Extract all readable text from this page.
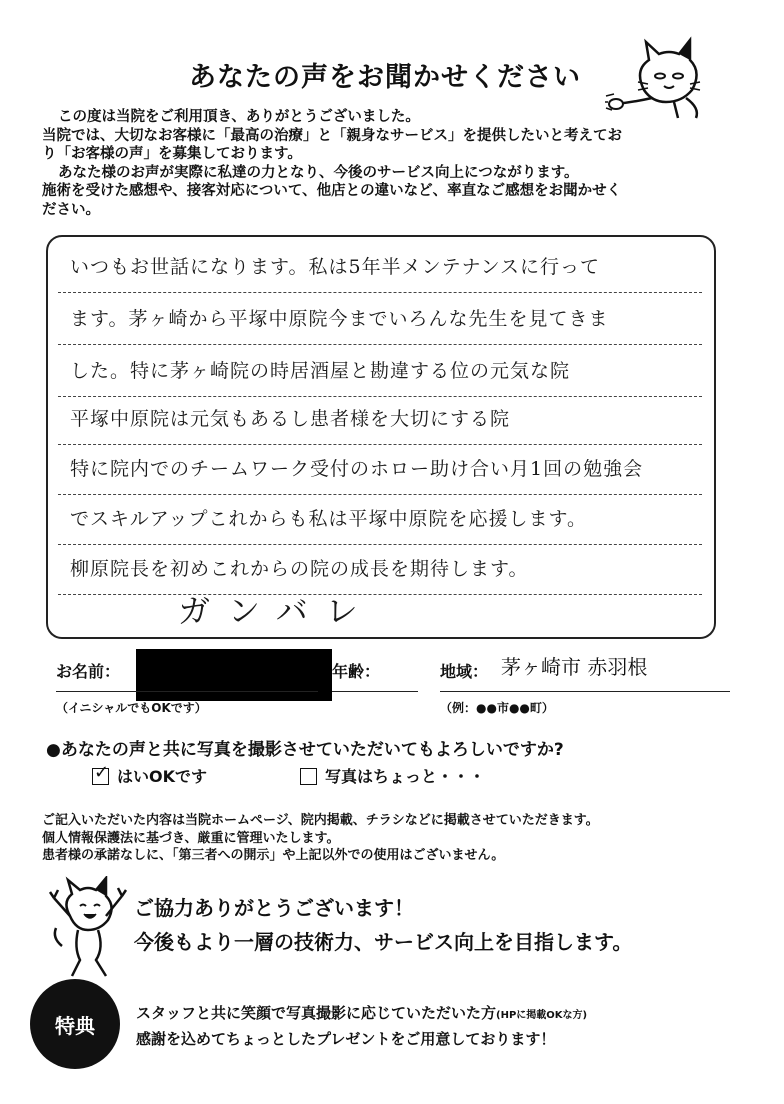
あなたの声をお聞かせください

この度は当院をご利用頂き、ありがとうございました。

当院では、大切なお客様に「最高の治療」と「親身なサービス」を提供したいと考えてお

り「お客様の声」を募集しております。

あなた様のお声が実際に私達の力となり、今後のサービス向上につながります。

施術を受けた感想や、接客対応について、他店との違いなど、率直なご感想をお聞かせく

ださい。

いつもお世話になります。私は5年半メンテナンスに行って
ます。茅ヶ崎から平塚中原院今までいろんな先生を見てきま
した。特に茅ヶ崎院の時居酒屋と勘違する位の元気な院
平塚中原院は元気もあるし患者様を大切にする院
特に院内でのチームワーク受付のホロー助け合い月1回の勉強会
でスキルアップこれからも私は平塚中原院を応援します。
柳原院長を初めこれからの院の成長を期待します。
ガンバレ
お名前：	年齢：	地域： 茅ヶ崎市 赤羽根
（イニシャルでもOKです）	（例：●●市●●町）
●あなたの声と共に写真を撮影させていただいてもよろしいですか?
✓ はいOKです	写真はちょっと・・・

ご記入いただいた内容は当院ホームページ、院内掲載、チラシなどに掲載させていただきます。

個人情報保護法に基づき、厳重に管理いたします。

患者様の承諾なしに、「第三者への開示」や上記以外での使用はございません。

ご協力ありがとうございます！
今後もより一層の技術力、サービス向上を目指します。
特典
スタッフと共に笑顔で写真撮影に応じていただいた方(HPに掲載OKな方)
感謝を込めてちょっとしたプレゼントをご用意しております！
